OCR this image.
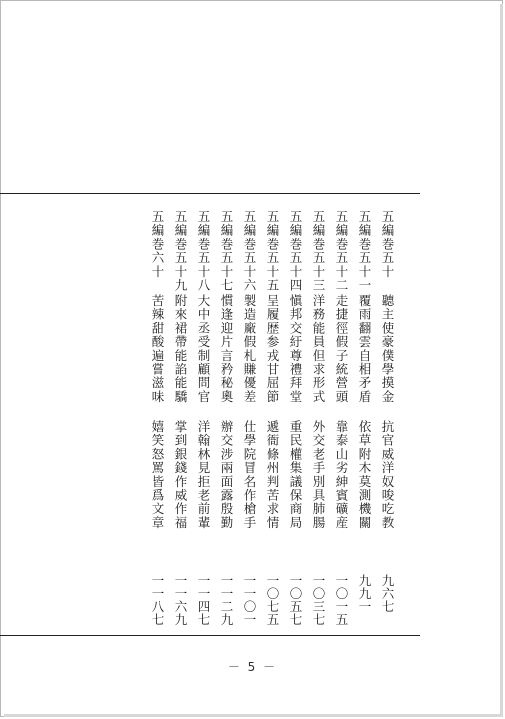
五編巻五十
聽主使豪僕學摸金
抗官威洋奴唆吃教
九六七
五編巻五十一
覆雨翻雲自相矛盾
依草附木莫測機關
九九一
五編巻五十二
走捷徑假子統營頭
靠泰山劣紳賓礦産
一〇一五
五編巻五十三
洋務能員但求形式
外交老手別具肺腸
一〇三七
五編巻五十四
愼邦交紆尊禮拜堂
重民權集議保商局
一〇五七
五編巻五十五
呈履歴参戎甘屈節
遞衙條州判苦求情
一〇七五
五編巻五十六
製造廠假札賺優差
仕學院冒名作槍手
一一〇一
五編巻五十七
慣逢迎片言矜秘奧
辦交涉兩面露殷勤
一一二九
五編巻五十八
大中丞受制顧問官
洋翰林見拒老前輩
一一四七
五編巻五十九
附來裙帶能諂能驕
掌到銀錢作威作福
一一六九
五編巻六十
苦辣甜酸遍嘗滋味
嬉笑怒罵皆爲文章
一一八七
－ 5 －
